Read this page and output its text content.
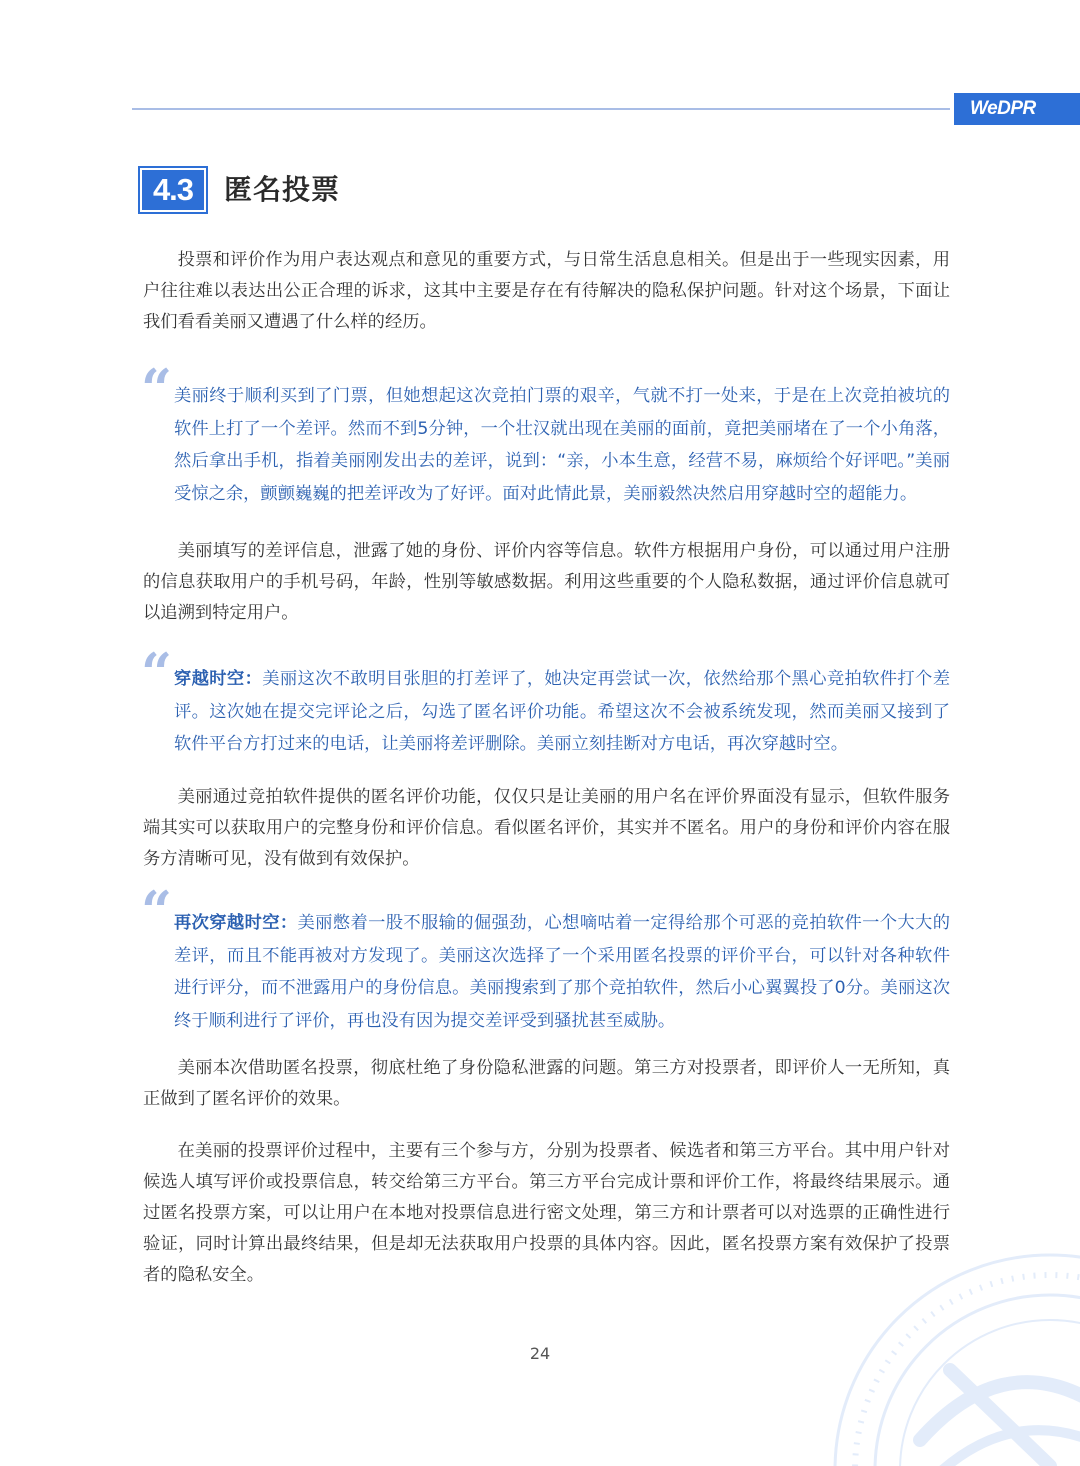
WeDPR
4.3	匿名投票

投票和评价作为用户表达观点和意见的重要方式，与日常生活息息相关。但是出于一些现实因素，用户往往难以表达出公正合理的诉求，这其中主要是存在有待解决的隐私保护问题。针对这个场景，下面让我们看看美丽又遭遇了什么样的经历。

“ 美丽终于顺利买到了门票，但她想起这次竞拍门票的艰辛，气就不打一处来，于是在上次竞拍被坑的软件上打了一个差评。然而不到5分钟，一个壮汉就出现在美丽的面前，竟把美丽堵在了一个小角落，然后拿出手机，指着美丽刚发出去的差评，说到：“亲，小本生意，经营不易，麻烦给个好评吧。”美丽受惊之余，颤颤巍巍的把差评改为了好评。面对此情此景，美丽毅然决然启用穿越时空的超能力。

美丽填写的差评信息，泄露了她的身份、评价内容等信息。软件方根据用户身份，可以通过用户注册的信息获取用户的手机号码，年龄，性别等敏感数据。利用这些重要的个人隐私数据，通过评价信息就可以追溯到特定用户。

“ 穿越时空：美丽这次不敢明目张胆的打差评了，她决定再尝试一次，依然给那个黑心竞拍软件打个差评。这次她在提交完评论之后，勾选了匿名评价功能。希望这次不会被系统发现，然而美丽又接到了软件平台方打过来的电话，让美丽将差评删除。美丽立刻挂断对方电话，再次穿越时空。

美丽通过竞拍软件提供的匿名评价功能，仅仅只是让美丽的用户名在评价界面没有显示，但软件服务端其实可以获取用户的完整身份和评价信息。看似匿名评价，其实并不匿名。用户的身份和评价内容在服务方清晰可见，没有做到有效保护。

“ 再次穿越时空：美丽憋着一股不服输的倔强劲，心想嘀咕着一定得给那个可恶的竞拍软件一个大大的差评，而且不能再被对方发现了。美丽这次选择了一个采用匿名投票的评价平台，可以针对各种软件进行评分，而不泄露用户的身份信息。美丽搜索到了那个竞拍软件，然后小心翼翼投了0分。美丽这次终于顺利进行了评价，再也没有因为提交差评受到骚扰甚至威胁。

美丽本次借助匿名投票，彻底杜绝了身份隐私泄露的问题。第三方对投票者，即评价人一无所知，真正做到了匿名评价的效果。

在美丽的投票评价过程中，主要有三个参与方，分别为投票者、候选者和第三方平台。其中用户针对候选人填写评价或投票信息，转交给第三方平台。第三方平台完成计票和评价工作，将最终结果展示。通过匿名投票方案，可以让用户在本地对投票信息进行密文处理，第三方和计票者可以对选票的正确性进行验证，同时计算出最终结果，但是却无法获取用户投票的具体内容。因此，匿名投票方案有效保护了投票者的隐私安全。

24
